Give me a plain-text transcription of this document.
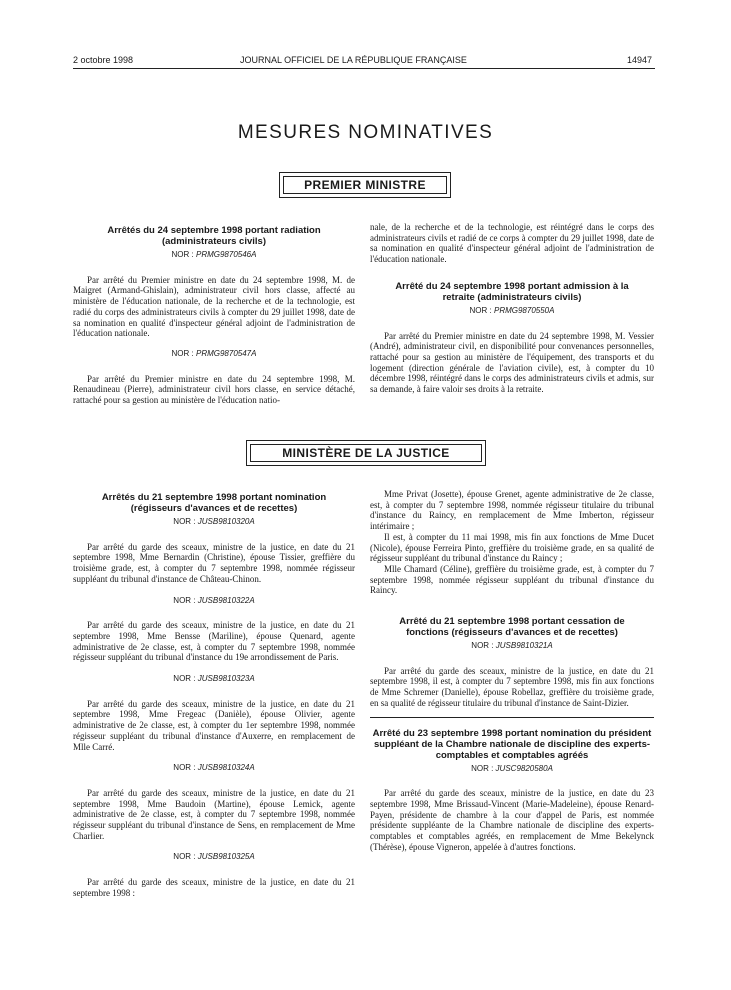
2 octobre 1998	JOURNAL OFFICIEL DE LA RÉPUBLIQUE FRANÇAISE	14947
MESURES NOMINATIVES
PREMIER MINISTRE
Arrêtés du 24 septembre 1998 portant radiation (administrateurs civils)
NOR : PRMG9870546A

Par arrêté du Premier ministre en date du 24 septembre 1998, M. de Maigret (Armand-Ghislain), administrateur civil hors classe, affecté au ministère de l'éducation nationale, de la recherche et de la technologie, est radié du corps des administrateurs civils à compter du 29 juillet 1998, date de sa nomination en qualité d'inspecteur général adjoint de l'administration de l'éducation nationale.

NOR : PRMG9870547A

Par arrêté du Premier ministre en date du 24 septembre 1998, M. Renaudineau (Pierre), administrateur civil hors classe, en service détaché, rattaché pour sa gestion au ministère de l'éducation natio-

nale, de la recherche et de la technologie, est réintégré dans le corps des administrateurs civils et radié de ce corps à compter du 29 juillet 1998, date de sa nomination en qualité d'inspecteur général adjoint de l'administration de l'éducation nationale.

Arrêté du 24 septembre 1998 portant admission à la retraite (administrateurs civils)
NOR : PRMG9870550A

Par arrêté du Premier ministre en date du 24 septembre 1998, M. Vessier (André), administrateur civil, en disponibilité pour convenances personnelles, rattaché pour sa gestion au ministère de l'équipement, des transports et du logement (direction générale de l'aviation civile), est, à compter du 10 décembre 1998, réintégré dans le corps des administrateurs civils et admis, sur sa demande, à faire valoir ses droits à la retraite.

MINISTÈRE DE LA JUSTICE
Arrêtés du 21 septembre 1998 portant nomination (régisseurs d'avances et de recettes)
NOR : JUSB9810320A

Par arrêté du garde des sceaux, ministre de la justice, en date du 21 septembre 1998, Mme Bernardin (Christine), épouse Tissier, greffière du troisième grade, est, à compter du 7 septembre 1998, nommée régisseur suppléant du tribunal d'instance de Château-Chinon.

NOR : JUSB9810322A

Par arrêté du garde des sceaux, ministre de la justice, en date du 21 septembre 1998, Mme Bensse (Mariline), épouse Quenard, agente administrative de 2e classe, est, à compter du 7 septembre 1998, nommée régisseur suppléant du tribunal d'instance du 19e arrondissement de Paris.

NOR : JUSB9810323A

Par arrêté du garde des sceaux, ministre de la justice, en date du 21 septembre 1998, Mme Fregeac (Danièle), épouse Olivier, agente administrative de 2e classe, est, à compter du 1er septembre 1998, nommée régisseur suppléant du tribunal d'instance d'Auxerre, en remplacement de Mlle Carré.

NOR : JUSB9810324A

Par arrêté du garde des sceaux, ministre de la justice, en date du 21 septembre 1998, Mme Baudoin (Martine), épouse Lemick, agente administrative de 2e classe, est, à compter du 7 septembre 1998, nommée régisseur suppléant du tribunal d'instance de Sens, en remplacement de Mme Charlier.

NOR : JUSB9810325A

Par arrêté du garde des sceaux, ministre de la justice, en date du 21 septembre 1998 :

Mme Privat (Josette), épouse Grenet, agente administrative de 2e classe, est, à compter du 7 septembre 1998, nommée régisseur titulaire du tribunal d'instance du Raincy, en remplacement de Mme Imberton, régisseur intérimaire ;

Il est, à compter du 11 mai 1998, mis fin aux fonctions de Mme Ducet (Nicole), épouse Ferreira Pinto, greffière du troisième grade, en sa qualité de régisseur suppléant du tribunal d'instance du Raincy ;

Mlle Chamard (Céline), greffière du troisième grade, est, à compter du 7 septembre 1998, nommée régisseur suppléant du tribunal d'instance du Raincy.

Arrêté du 21 septembre 1998 portant cessation de fonctions (régisseurs d'avances et de recettes)
NOR : JUSB9810321A

Par arrêté du garde des sceaux, ministre de la justice, en date du 21 septembre 1998, il est, à compter du 7 septembre 1998, mis fin aux fonctions de Mme Schremer (Danielle), épouse Robellaz, greffière du troisième grade, en sa qualité de régisseur titulaire du tribunal d'instance de Saint-Dizier.

Arrêté du 23 septembre 1998 portant nomination du président suppléant de la Chambre nationale de discipline des experts-comptables et comptables agréés
NOR : JUSC9820580A

Par arrêté du garde des sceaux, ministre de la justice, en date du 23 septembre 1998, Mme Brissaud-Vincent (Marie-Madeleine), épouse Renard-Payen, présidente de chambre à la cour d'appel de Paris, est nommée présidente suppléante de la Chambre nationale de discipline des experts-comptables et comptables agréés, en remplacement de Mme Bekelynck (Thérèse), épouse Vigneron, appelée à d'autres fonctions.
